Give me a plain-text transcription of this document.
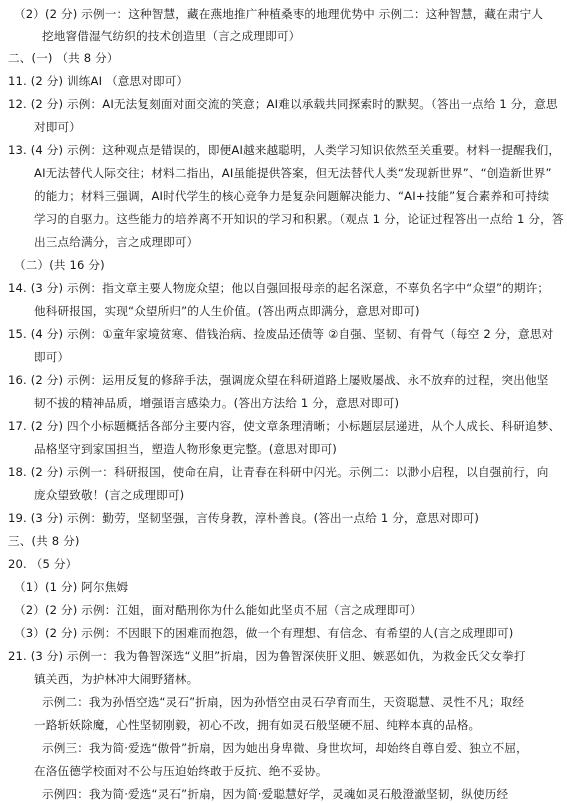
（2）(2 分) 示例一：这种智慧，藏在燕地推广种植桑枣的地理优势中 示例二：这种智慧，藏在肃宁人
挖地窨借湿气纺织的技术创造里（言之成理即可）
二、(一) （共 8 分）
11. (2 分) 训练AI （意思对即可）
12. (2 分) 示例：AI无法复刻面对面交流的笑意；AI难以承载共同探索时的默契。（答出一点给 1 分，意思
对即可）
13. (4 分) 示例：这种观点是错误的，即便AI越来越聪明，人类学习知识依然至关重要。材料一提醒我们，
AI无法替代人际交往；材料二指出，AI虽能提供答案，但无法替代人类“发现新世界”、“创造新世界”
的能力；材料三强调，AI时代学生的核心竞争力是复杂问题解决能力、“AI+技能”复合素养和可持续
学习的自驱力。这些能力的培养离不开知识的学习和积累。（观点 1 分，论证过程答出一点给 1 分，答
出三点给满分，言之成理即可）
（二）(共 16 分)
14. (3 分) 示例：指文章主要人物庞众望；他以自强回报母亲的起名深意，不辜负名字中“众望”的期许；
他科研报国，实现“众望所归”的人生价值。(答出两点即满分，意思对即可)
15. (4 分) 示例：①童年家境贫寒、借钱治病、捡废品还债等 ②自强、坚韧、有骨气（每空 2 分，意思对
即可）
16. (2 分) 示例：运用反复的修辞手法，强调庞众望在科研道路上屡败屡战、永不放弃的过程，突出他坚
韧不拔的精神品质，增强语言感染力。(答出方法给 1 分，意思对即可)
17. (2 分) 四个小标题概括各部分主要内容，使文章条理清晰；小标题层层递进，从个人成长、科研追梦、
品格坚守到家国担当，塑造人物形象更完整。(意思对即可)
18. (2 分) 示例一：科研报国，使命在肩，让青春在科研中闪光。示例二：以渺小启程，以自强前行，向
庞众望致敬！(言之成理即可)
19. (3 分) 示例：勤劳，坚韧坚强，言传身教，淳朴善良。(答出一点给 1 分，意思对即可)
三、(共 8 分)
20. （5 分）
（1）(1 分) 阿尔焦姆
（2）(2 分) 示例：江姐，面对酷刑你为什么能如此坚贞不屈（言之成理即可）
（3）(2 分) 示例：不因眼下的困难而抱怨，做一个有理想、有信念、有希望的人(言之成理即可)
21. (3 分) 示例一：我为鲁智深选“义胆”折扇，因为鲁智深侠肝义胆、嫉恶如仇，为救金氏父女拳打
镇关西，为护林冲大闹野猪林。
示例二：我为孙悟空选“灵石”折扇，因为孙悟空由灵石孕育而生，天资聪慧、灵性不凡；取经
一路斩妖除魔，心性坚韧刚毅，初心不改，拥有如灵石般坚硬不屈、纯粹本真的品格。
示例三：我为简·爱选“傲骨”折扇，因为她出身卑微、身世坎坷，却始终自尊自爱、独立不屈，
在洛伍德学校面对不公与压迫始终敢于反抗、绝不妥协。
示例四：我为简·爱选“灵石”折扇，因为简·爱聪慧好学，灵魂如灵石般澄澈坚韧，纵使历经
